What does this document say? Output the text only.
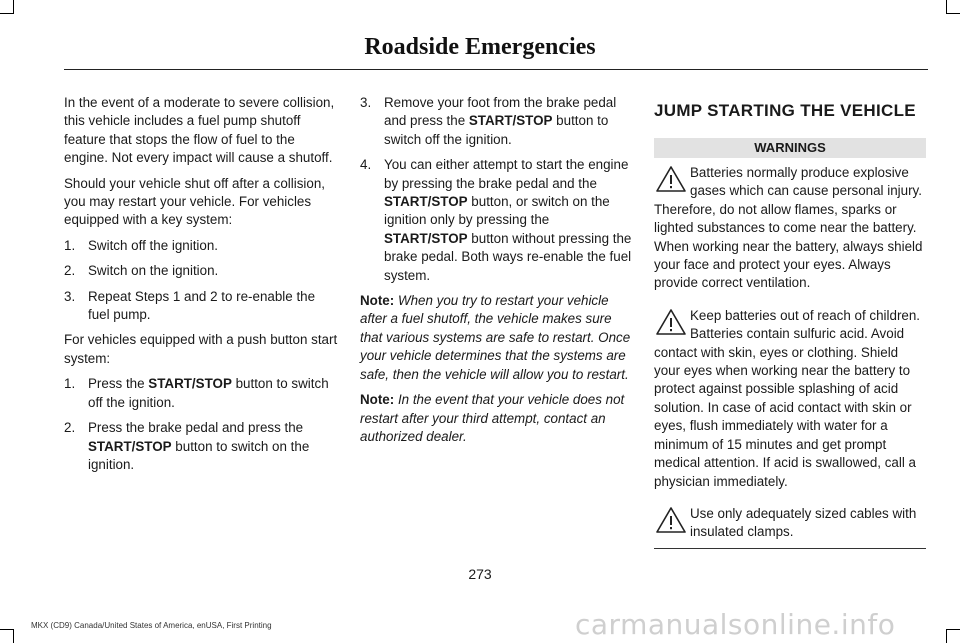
Roadside Emergencies

In the event of a moderate to severe collision, this vehicle includes a fuel pump shutoff feature that stops the flow of fuel to the engine. Not every impact will cause a shutoff.

Should your vehicle shut off after a collision, you may restart your vehicle. For vehicles equipped with a key system:

1. Switch off the ignition.
2. Switch on the ignition.
3. Repeat Steps 1 and 2 to re-enable the fuel pump.

For vehicles equipped with a push button start system:

1. Press the START/STOP button to switch off the ignition.
2. Press the brake pedal and press the START/STOP button to switch on the ignition.
3. Remove your foot from the brake pedal and press the START/STOP button to switch off the ignition.
4. You can either attempt to start the engine by pressing the brake pedal and the START/STOP button, or switch on the ignition only by pressing the START/STOP button without pressing the brake pedal. Both ways re-enable the fuel system.

Note: When you try to restart your vehicle after a fuel shutoff, the vehicle makes sure that various systems are safe to restart. Once your vehicle determines that the systems are safe, then the vehicle will allow you to restart.

Note: In the event that your vehicle does not restart after your third attempt, contact an authorized dealer.

JUMP STARTING THE VEHICLE
WARNINGS
Batteries normally produce explosive gases which can cause personal injury. Therefore, do not allow flames, sparks or lighted substances to come near the battery. When working near the battery, always shield your face and protect your eyes. Always provide correct ventilation.
Keep batteries out of reach of children. Batteries contain sulfuric acid. Avoid contact with skin, eyes or clothing. Shield your eyes when working near the battery to protect against possible splashing of acid solution. In case of acid contact with skin or eyes, flush immediately with water for a minimum of 15 minutes and get prompt medical attention. If acid is swallowed, call a physician immediately.
Use only adequately sized cables with insulated clamps.
273
MKX (CD9) Canada/United States of America, enUSA, First Printing	carmanualsonline.info
